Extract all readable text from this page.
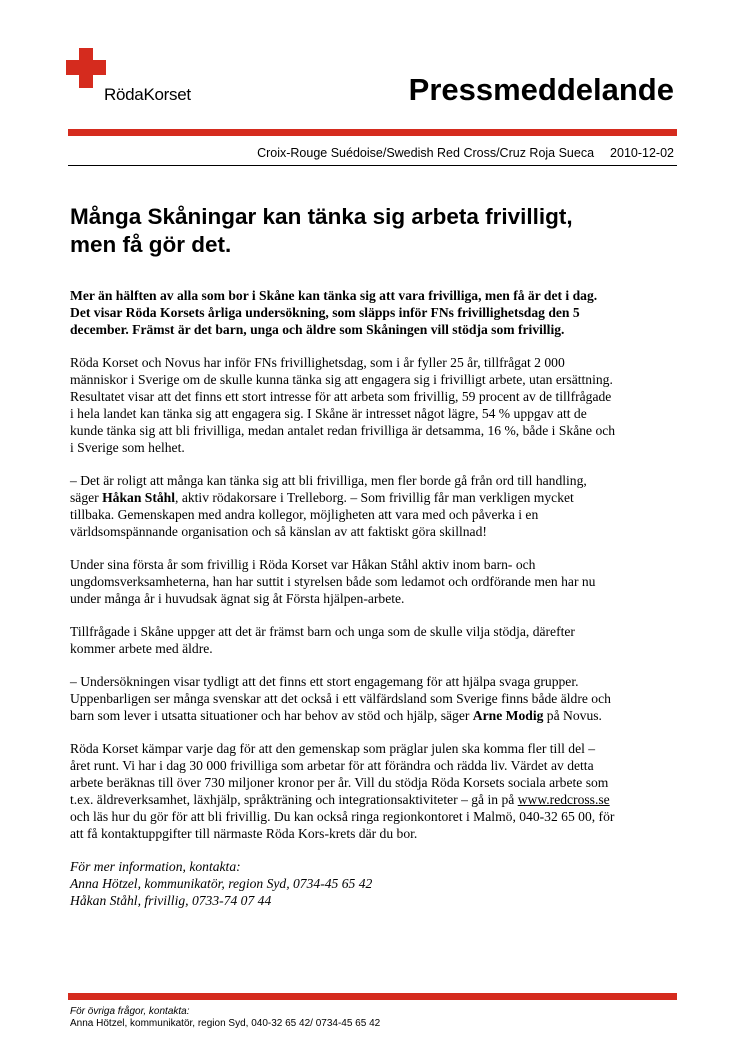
RödaKorset	Pressmeddelande
Croix-Rouge Suédoise/Swedish Red Cross/Cruz Roja Sueca 2010-12-02
Många Skåningar kan tänka sig arbeta frivilligt,
men få gör det.

Mer än hälften av alla som bor i Skåne kan tänka sig att vara frivilliga, men få är det i dag.
Det visar Röda Korsets årliga undersökning, som släpps inför FNs frivillighetsdag den 5
december. Främst är det barn, unga och äldre som Skåningen vill stödja som frivillig.

Röda Korset och Novus har inför FNs frivillighetsdag, som i år fyller 25 år, tillfrågat 2 000
människor i Sverige om de skulle kunna tänka sig att engagera sig i frivilligt arbete, utan ersättning.
Resultatet visar att det finns ett stort intresse för att arbeta som frivillig, 59 procent av de tillfrågade
i hela landet kan tänka sig att engagera sig. I Skåne är intresset något lägre, 54 % uppgav att de
kunde tänka sig att bli frivilliga, medan antalet redan frivilliga är detsamma, 16 %, både i Skåne och
i Sverige som helhet.

– Det är roligt att många kan tänka sig att bli frivilliga, men fler borde gå från ord till handling,
säger Håkan Ståhl, aktiv rödakorsare i Trelleborg. – Som frivillig får man verkligen mycket
tillbaka. Gemenskapen med andra kollegor, möjligheten att vara med och påverka i en
världsomspännande organisation och så känslan av att faktiskt göra skillnad!

Under sina första år som frivillig i Röda Korset var Håkan Ståhl aktiv inom barn- och
ungdomsverksamheterna, han har suttit i styrelsen både som ledamot och ordförande men har nu
under många år i huvudsak ägnat sig åt Första hjälpen-arbete.

Tillfrågade i Skåne uppger att det är främst barn och unga som de skulle vilja stödja, därefter
kommer arbete med äldre.

– Undersökningen visar tydligt att det finns ett stort engagemang för att hjälpa svaga grupper.
Uppenbarligen ser många svenskar att det också i ett välfärdsland som Sverige finns både äldre och
barn som lever i utsatta situationer och har behov av stöd och hjälp, säger Arne Modig på Novus.

Röda Korset kämpar varje dag för att den gemenskap som präglar julen ska komma fler till del –
året runt. Vi har i dag 30 000 frivilliga som arbetar för att förändra och rädda liv. Värdet av detta
arbete beräknas till över 730 miljoner kronor per år. Vill du stödja Röda Korsets sociala arbete som
t.ex. äldreverksamhet, läxhjälp, språkträning och integrationsaktiviteter – gå in på www.redcross.se
och läs hur du gör för att bli frivillig. Du kan också ringa regionkontoret i Malmö, 040-32 65 00, för
att få kontaktuppgifter till närmaste Röda Kors-krets där du bor.

För mer information, kontakta:
Anna Hötzel, kommunikatör, region Syd, 0734-45 65 42
Håkan Ståhl, frivillig, 0733-74 07 44

För övriga frågor, kontakta:
Anna Hötzel, kommunikatör, region Syd, 040-32 65 42/ 0734-45 65 42
